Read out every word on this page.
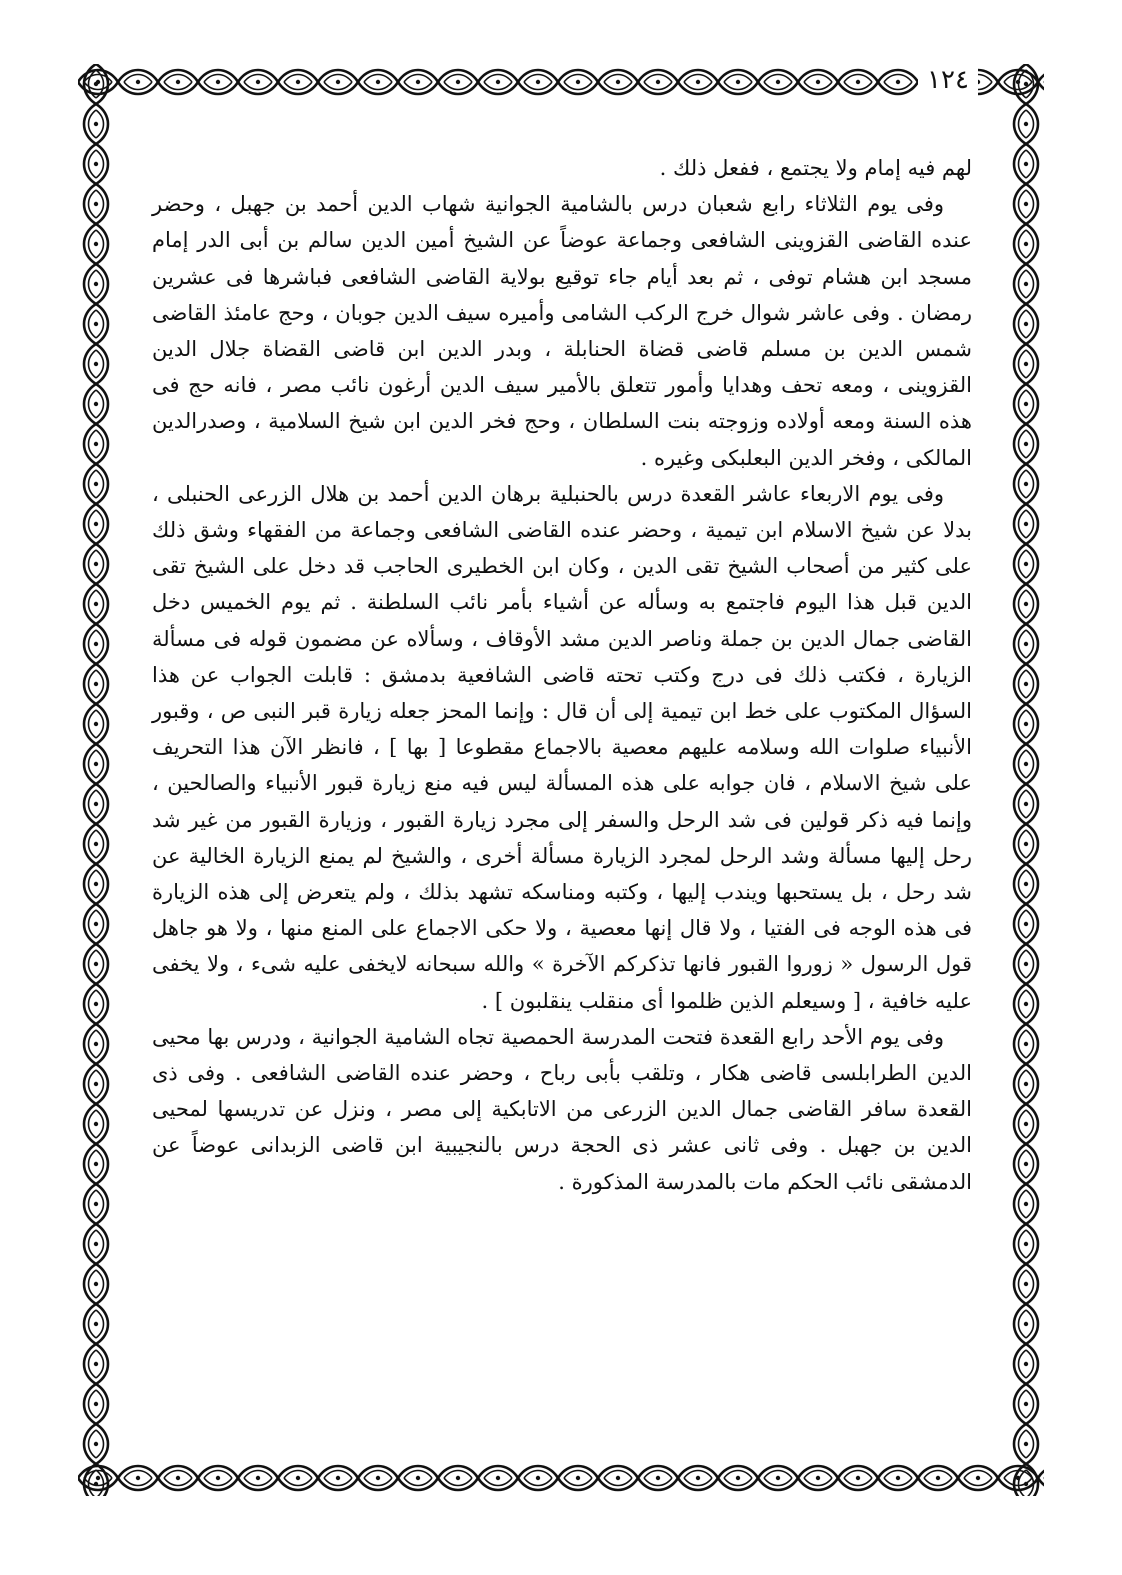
١٢٤

لهم فيه إمام ولا يجتمع ، ففعل ذلك .

وفى يوم الثلاثاء رابع شعبان درس بالشامية الجوانية شهاب الدين أحمد بن جهبل ، وحضر عنده القاضى القزوينى الشافعى وجماعة عوضاً عن الشيخ أمين الدين سالم بن أبى الدر إمام مسجد ابن هشام توفى ، ثم بعد أيام جاء توقيع بولاية القاضى الشافعى فباشرها فى عشرين رمضان . وفى عاشر شوال خرج الركب الشامى وأميره سيف الدين جوبان ، وحج عامئذ القاضى شمس الدين بن مسلم قاضى قضاة الحنابلة ، وبدر الدين ابن قاضى القضاة جلال الدين القزوينى ، ومعه تحف وهدايا وأمور تتعلق بالأمير سيف الدين أرغون نائب مصر ، فانه حج فى هذه السنة ومعه أولاده وزوجته بنت السلطان ، وحج فخر الدين ابن شيخ السلامية ، وصدرالدين المالكى ، وفخر الدين البعلبكى وغيره .

وفى يوم الاربعاء عاشر القعدة درس بالحنبلية برهان الدين أحمد بن هلال الزرعى الحنبلى ، بدلا عن شيخ الاسلام ابن تيمية ، وحضر عنده القاضى الشافعى وجماعة من الفقهاء وشق ذلك على كثير من أصحاب الشيخ تقى الدين ، وكان ابن الخطيرى الحاجب قد دخل على الشيخ تقى الدين قبل هذا اليوم فاجتمع به وسأله عن أشياء بأمر نائب السلطنة . ثم يوم الخميس دخل القاضى جمال الدين بن جملة وناصر الدين مشد الأوقاف ، وسألاه عن مضمون قوله فى مسألة الزيارة ، فكتب ذلك فى درج وكتب تحته قاضى الشافعية بدمشق : قابلت الجواب عن هذا السؤال المكتوب على خط ابن تيمية إلى أن قال : وإنما المحز جعله زيارة قبر النبى ص ، وقبور الأنبياء صلوات الله وسلامه عليهم معصية بالاجماع مقطوعا [ بها ] ، فانظر الآن هذا التحريف على شيخ الاسلام ، فان جوابه على هذه المسألة ليس فيه منع زيارة قبور الأنبياء والصالحين ، وإنما فيه ذكر قولين فى شد الرحل والسفر إلى مجرد زيارة القبور ، وزيارة القبور من غير شد رحل إليها مسألة وشد الرحل لمجرد الزيارة مسألة أخرى ، والشيخ لم يمنع الزيارة الخالية عن شد رحل ، بل يستحبها ويندب إليها ، وكتبه ومناسكه تشهد بذلك ، ولم يتعرض إلى هذه الزيارة فى هذه الوجه فى الفتيا ، ولا قال إنها معصية ، ولا حكى الاجماع على المنع منها ، ولا هو جاهل قول الرسول « زوروا القبور فانها تذكركم الآخرة » والله سبحانه لايخفى عليه شىء ، ولا يخفى عليه خافية ، [ وسيعلم الذين ظلموا أى منقلب ينقلبون ] .

وفى يوم الأحد رابع القعدة فتحت المدرسة الحمصية تجاه الشامية الجوانية ، ودرس بها محيى الدين الطرابلسى قاضى هكار ، وتلقب بأبى رباح ، وحضر عنده القاضى الشافعى . وفى ذى القعدة سافر القاضى جمال الدين الزرعى من الاتابكية إلى مصر ، ونزل عن تدريسها لمحيى الدين بن جهبل . وفى ثانى عشر ذى الحجة درس بالنجيبية ابن قاضى الزبدانى عوضاً عن الدمشقى نائب الحكم مات بالمدرسة المذكورة .
